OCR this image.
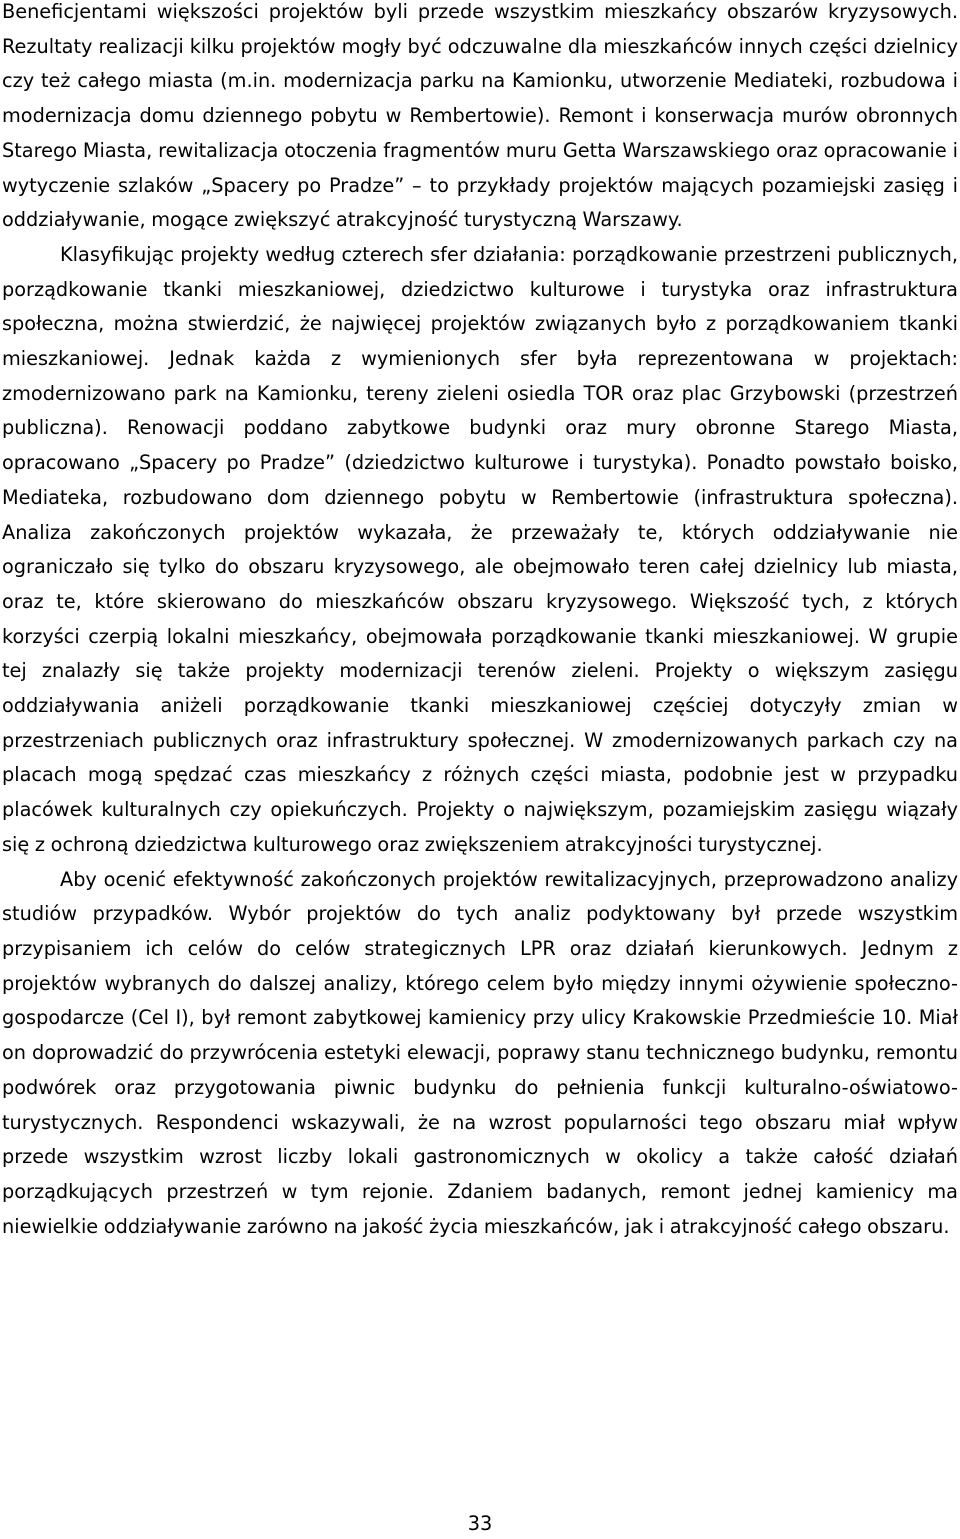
Beneficjentami większości projektów byli przede wszystkim mieszkańcy obszarów kryzysowych. Rezultaty realizacji kilku projektów mogły być odczuwalne dla mieszkańców innych części dzielnicy czy też całego miasta (m.in. modernizacja parku na Kamionku, utworzenie Mediateki, rozbudowa i modernizacja domu dziennego pobytu w Rembertowie). Remont i konserwacja murów obronnych Starego Miasta, rewitalizacja otoczenia fragmentów muru Getta Warszawskiego oraz opracowanie i wytyczenie szlaków „Spacery po Pradze” – to przykłady projektów mających pozamiejski zasięg i oddziaływanie, mogące zwiększyć atrakcyjność turystyczną Warszawy.

Klasyfikując projekty według czterech sfer działania: porządkowanie przestrzeni publicznych, porządkowanie tkanki mieszkaniowej, dziedzictwo kulturowe i turystyka oraz infrastruktura społeczna, można stwierdzić, że najwięcej projektów związanych było z porządkowaniem tkanki mieszkaniowej. Jednak każda z wymienionych sfer była reprezentowana w projektach: zmodernizowano park na Kamionku, tereny zieleni osiedla TOR oraz plac Grzybowski (przestrzeń publiczna). Renowacji poddano zabytkowe budynki oraz mury obronne Starego Miasta, opracowano „Spacery po Pradze” (dziedzictwo kulturowe i turystyka). Ponadto powstało boisko, Mediateka, rozbudowano dom dziennego pobytu w Rembertowie (infrastruktura społeczna). Analiza zakończonych projektów wykazała, że przeważały te, których oddziaływanie nie ograniczało się tylko do obszaru kryzysowego, ale obejmowało teren całej dzielnicy lub miasta, oraz te, które skierowano do mieszkańców obszaru kryzysowego. Większość tych, z których korzyści czerpią lokalni mieszkańcy, obejmowała porządkowanie tkanki mieszkaniowej. W grupie tej znalazły się także projekty modernizacji terenów zieleni. Projekty o większym zasięgu oddziaływania aniżeli porządkowanie tkanki mieszkaniowej częściej dotyczyły zmian w przestrzeniach publicznych oraz infrastruktury społecznej. W zmodernizowanych parkach czy na placach mogą spędzać czas mieszkańcy z różnych części miasta, podobnie jest w przypadku placówek kulturalnych czy opiekuńczych. Projekty o największym, pozamiejskim zasięgu wiązały się z ochroną dziedzictwa kulturowego oraz zwiększeniem atrakcyjności turystycznej.

Aby ocenić efektywność zakończonych projektów rewitalizacyjnych, przeprowadzono analizy studiów przypadków. Wybór projektów do tych analiz podyktowany był przede wszystkim przypisaniem ich celów do celów strategicznych LPR oraz działań kierunkowych. Jednym z projektów wybranych do dalszej analizy, którego celem było między innymi ożywienie społeczno-gospodarcze (Cel I), był remont zabytkowej kamienicy przy ulicy Krakowskie Przedmieście 10. Miał on doprowadzić do przywrócenia estetyki elewacji, poprawy stanu technicznego budynku, remontu podwórek oraz przygotowania piwnic budynku do pełnienia funkcji kulturalno-oświatowo-turystycznych. Respondenci wskazywali, że na wzrost popularności tego obszaru miał wpływ przede wszystkim wzrost liczby lokali gastronomicznych w okolicy a także całość działań porządkujących przestrzeń w tym rejonie. Zdaniem badanych, remont jednej kamienicy ma niewielkie oddziaływanie zarówno na jakość życia mieszkańców, jak i atrakcyjność całego obszaru.

33
